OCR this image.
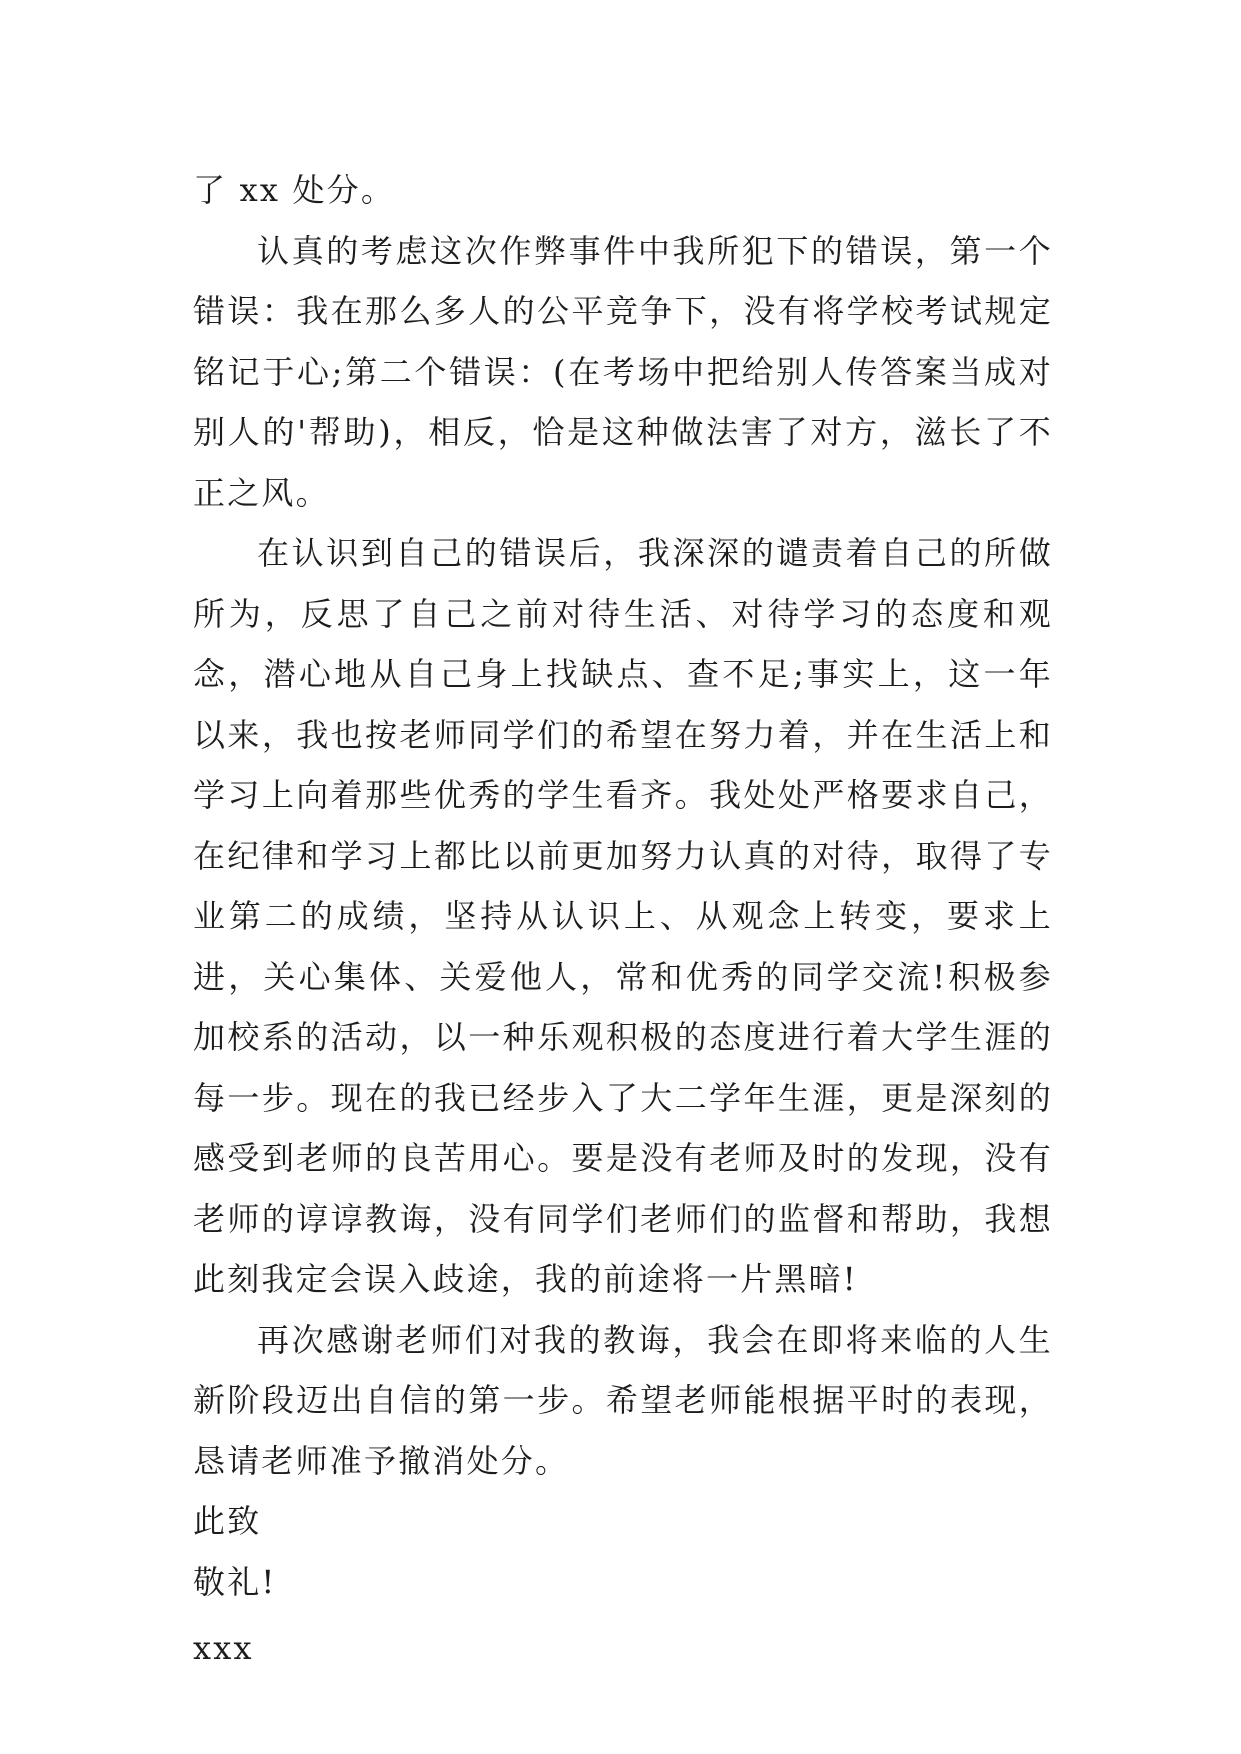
了 xx 处分。

认真的考虑这次作弊事件中我所犯下的错误，第一个错误：我在那么多人的公平竞争下，没有将学校考试规定铭记于心;第二个错误：(在考场中把给别人传答案当成对别人的'帮助)，相反，恰是这种做法害了对方，滋长了不正之风。

在认识到自己的错误后，我深深的谴责着自己的所做所为，反思了自己之前对待生活、对待学习的态度和观念，潜心地从自己身上找缺点、查不足;事实上，这一年以来，我也按老师同学们的希望在努力着，并在生活上和学习上向着那些优秀的学生看齐。我处处严格要求自己，在纪律和学习上都比以前更加努力认真的对待，取得了专业第二的成绩，坚持从认识上、从观念上转变，要求上进，关心集体、关爱他人，常和优秀的同学交流!积极参加校系的活动，以一种乐观积极的态度进行着大学生涯的每一步。现在的我已经步入了大二学年生涯，更是深刻的感受到老师的良苦用心。要是没有老师及时的发现，没有老师的谆谆教诲，没有同学们老师们的监督和帮助，我想此刻我定会误入歧途，我的前途将一片黑暗!

再次感谢老师们对我的教诲，我会在即将来临的人生新阶段迈出自信的第一步。希望老师能根据平时的表现，恳请老师准予撤消处分。

此致

敬礼!

xxx
